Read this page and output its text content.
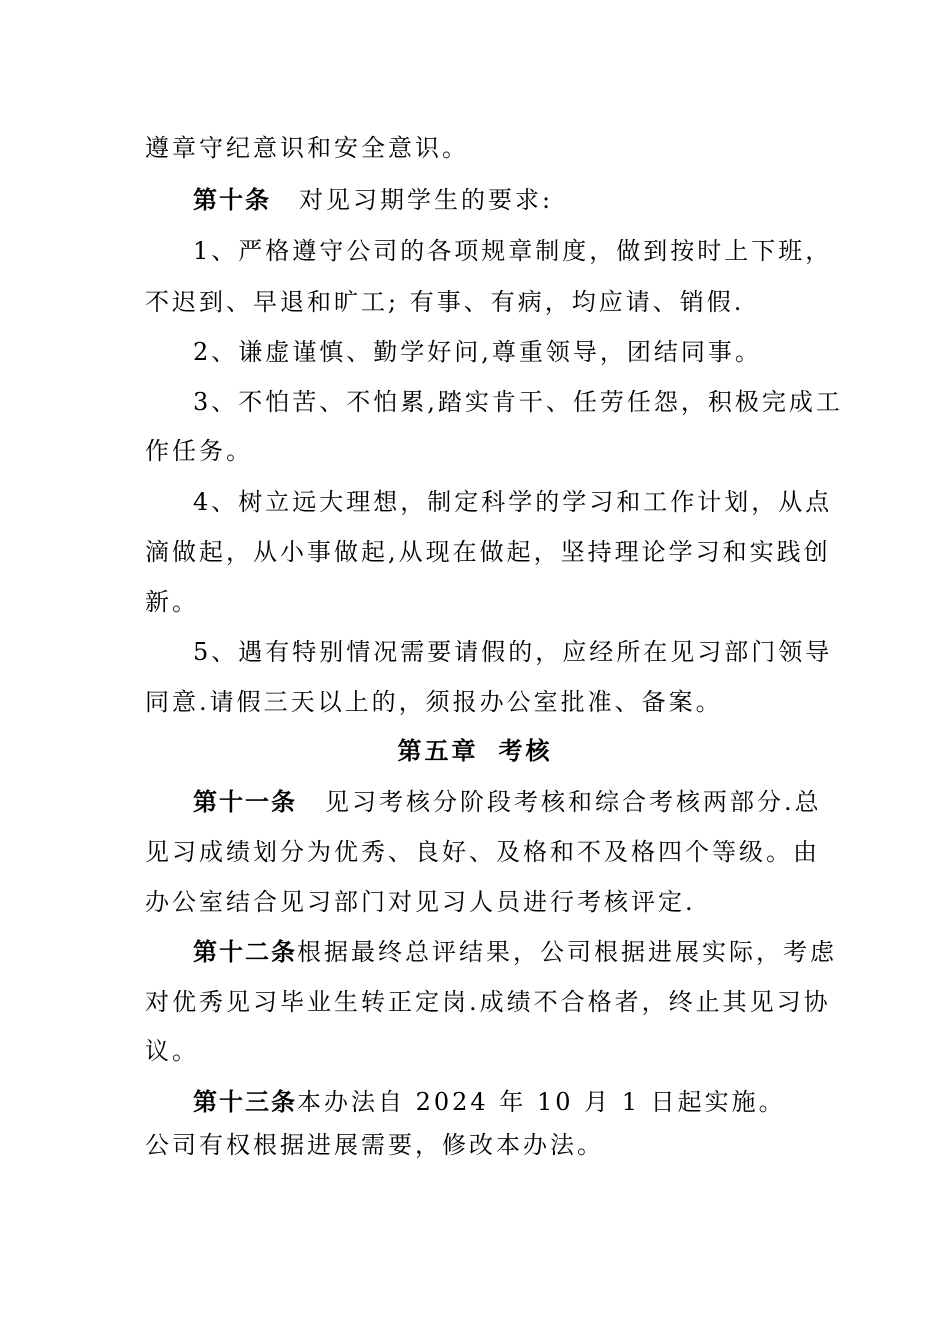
遵章守纪意识和安全意识。
第十条 对见习期学生的要求:
1、严格遵守公司的各项规章制度，做到按时上下班，
不迟到、早退和旷工; 有事、有病，均应请、销假.
2、谦虚谨慎、勤学好问,尊重领导，团结同事。
3、不怕苦、不怕累,踏实肯干、任劳任怨，积极完成工
作任务。
4、树立远大理想，制定科学的学习和工作计划，从点
滴做起，从小事做起,从现在做起，坚持理论学习和实践创
新。
5、遇有特别情况需要请假的，应经所在见习部门领导
同意.请假三天以上的，须报办公室批准、备案。
第五章 考核
第十一条 见习考核分阶段考核和综合考核两部分.总
见习成绩划分为优秀、良好、及格和不及格四个等级。由
办公室结合见习部门对见习人员进行考核评定.
第十二条根据最终总评结果，公司根据进展实际，考虑
对优秀见习毕业生转正定岗.成绩不合格者，终止其见习协
议。
第十三条本办法自 2024 年 10 月 1 日起实施。
公司有权根据进展需要，修改本办法。
